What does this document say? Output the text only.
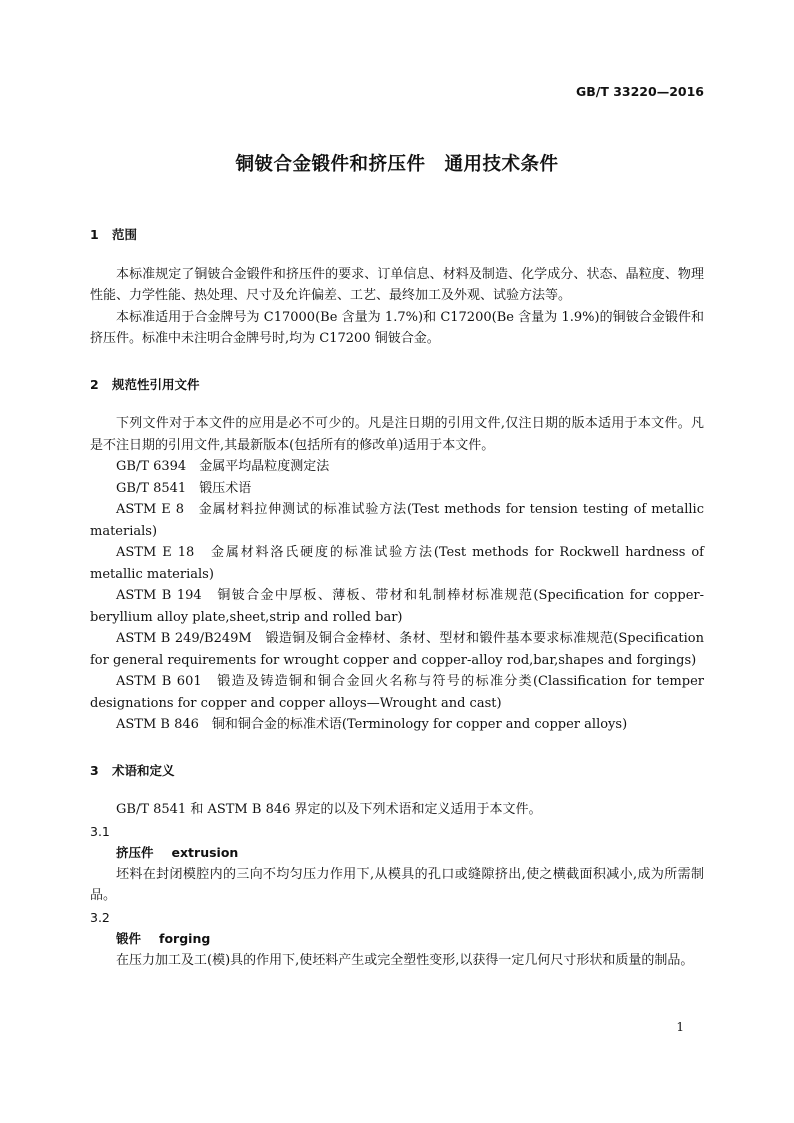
GB/T 33220—2016
铜铍合金锻件和挤压件　通用技术条件
1	范围

本标准规定了铜铍合金锻件和挤压件的要求、订单信息、材料及制造、化学成分、状态、晶粒度、物理性能、力学性能、热处理、尺寸及允许偏差、工艺、最终加工及外观、试验方法等。

本标准适用于合金牌号为 C17000(Be 含量为 1.7%)和 C17200(Be 含量为 1.9%)的铜铍合金锻件和挤压件。标准中未注明合金牌号时,均为 C17200 铜铍合金。

2	规范性引用文件

下列文件对于本文件的应用是必不可少的。凡是注日期的引用文件,仅注日期的版本适用于本文件。凡是不注日期的引用文件,其最新版本(包括所有的修改单)适用于本文件。

GB/T 6394　金属平均晶粒度测定法

GB/T 8541　锻压术语

ASTM E 8　金属材料拉伸测试的标准试验方法(Test methods for tension testing of metallic materials)

ASTM E 18　金属材料洛氏硬度的标准试验方法(Test methods for Rockwell hardness of metallic materials)

ASTM B 194　铜铍合金中厚板、薄板、带材和轧制棒材标准规范(Specification for copper-beryllium alloy plate,sheet,strip and rolled bar)

ASTM B 249/B249M　锻造铜及铜合金棒材、条材、型材和锻件基本要求标准规范(Specification for general requirements for wrought copper and copper-alloy rod,bar,shapes and forgings)

ASTM B 601　锻造及铸造铜和铜合金回火名称与符号的标准分类(Classification for temper designations for copper and copper alloys—Wrought and cast)

ASTM B 846　铜和铜合金的标准术语(Terminology for copper and copper alloys)

3	术语和定义

GB/T 8541 和 ASTM B 846 界定的以及下列术语和定义适用于本文件。

3.1
挤压件 extrusion

坯料在封闭模腔内的三向不均匀压力作用下,从模具的孔口或缝隙挤出,使之横截面积减小,成为所需制品。

3.2
锻件 forging

在压力加工及工(模)具的作用下,使坯料产生或完全塑性变形,以获得一定几何尺寸形状和质量的制品。

1
